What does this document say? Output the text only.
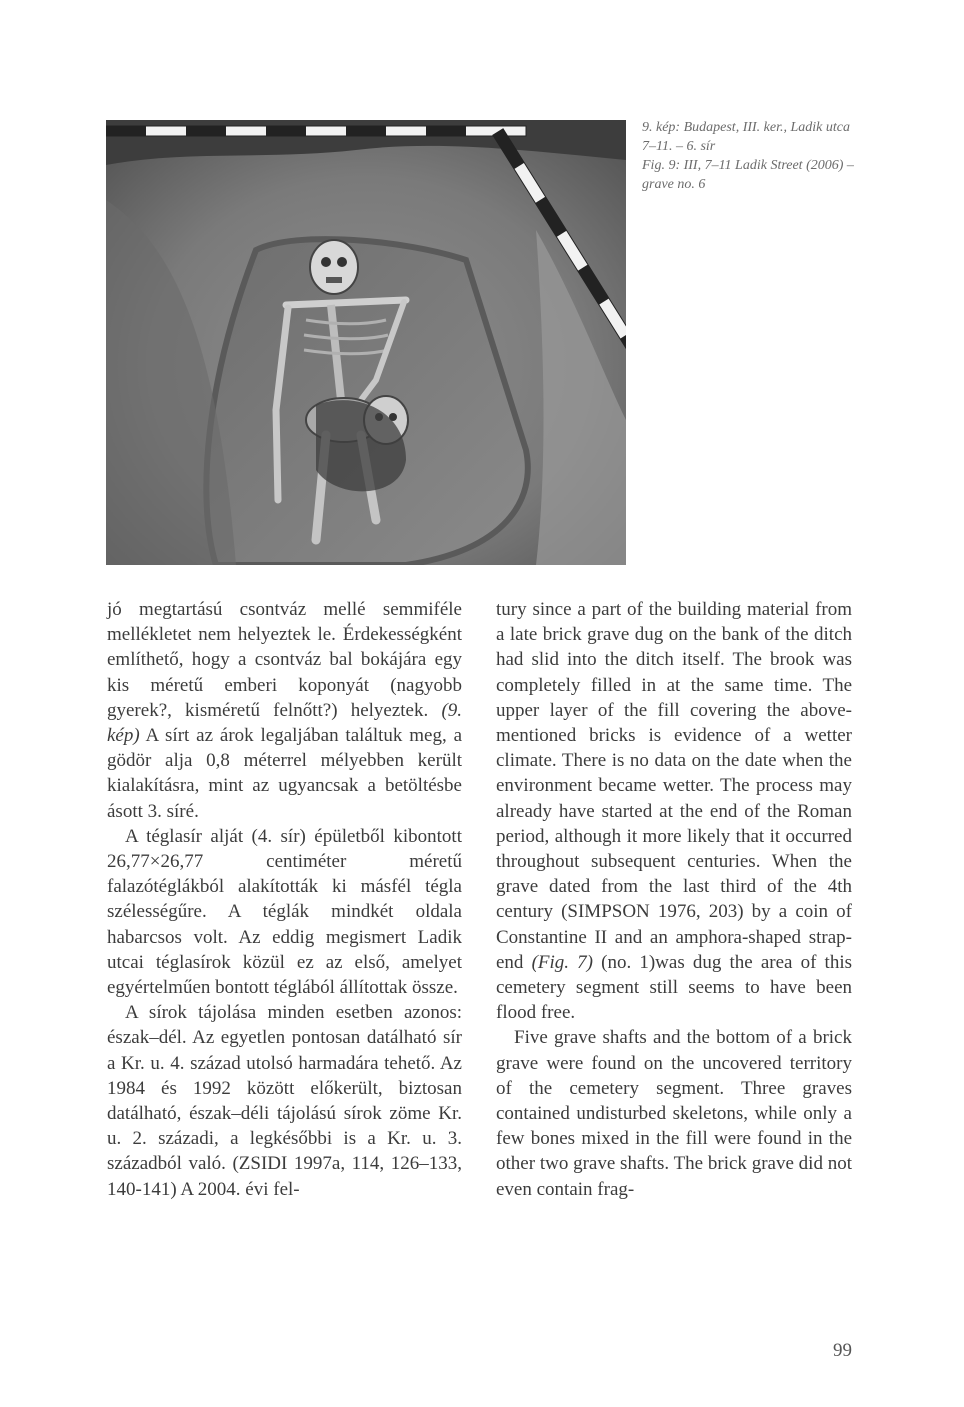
9. kép: Budapest, III. ker., Ladik utca 7–11. – 6. sír

Fig. 9: III, 7–11 Ladik Street (2006) – grave no. 6

jó megtartású csontváz mellé semmiféle mellékletet nem helyeztek le. Érdekességként említhető, hogy a csontváz bal bokájára egy kis méretű emberi koponyát (nagyobb gyerek?, kisméretű felnőtt?) helyeztek. (9. kép) A sírt az árok legaljában találtuk meg, a gödör alja 0,8 méterrel mélyebben került kialakításra, mint az ugyancsak a betöltésbe ásott 3. síré.

A téglasír alját (4. sír) épületből kibontott 26,77×26,77 centiméter méretű falazótéglákból alakították ki másfél tégla szélességűre. A téglák mindkét oldala habarcsos volt. Az eddig megismert Ladik utcai téglasírok közül ez az első, amelyet egyértelműen bontott téglából állítottak össze.

A sírok tájolása minden esetben azonos: észak–dél. Az egyetlen pontosan datálható sír a Kr. u. 4. század utolsó harmadára tehető. Az 1984 és 1992 között előkerült, biztosan datálható, észak–déli tájolású sírok zöme Kr. u. 2. századi, a legkésőbbi is a Kr. u. 3. századból való. (ZSIDI 1997a, 114, 126–133, 140-141) A 2004. évi fel-

tury since a part of the building material from a late brick grave dug on the bank of the ditch had slid into the ditch itself. The brook was completely filled in at the same time. The upper layer of the fill covering the above-mentioned bricks is evidence of a wetter climate. There is no data on the date when the environment became wetter. The process may already have started at the end of the Roman period, although it more likely that it occurred throughout subsequent centuries. When the grave dated from the last third of the 4th century (SIMPSON 1976, 203) by a coin of Constantine II and an amphora-shaped strap-end (Fig. 7) (no. 1)was dug the area of this cemetery segment still seems to have been flood free.

Five grave shafts and the bottom of a brick grave were found on the uncovered territory of the cemetery segment. Three graves contained undisturbed skeletons, while only a few bones mixed in the fill were found in the other two grave shafts. The brick grave did not even contain frag-

99
